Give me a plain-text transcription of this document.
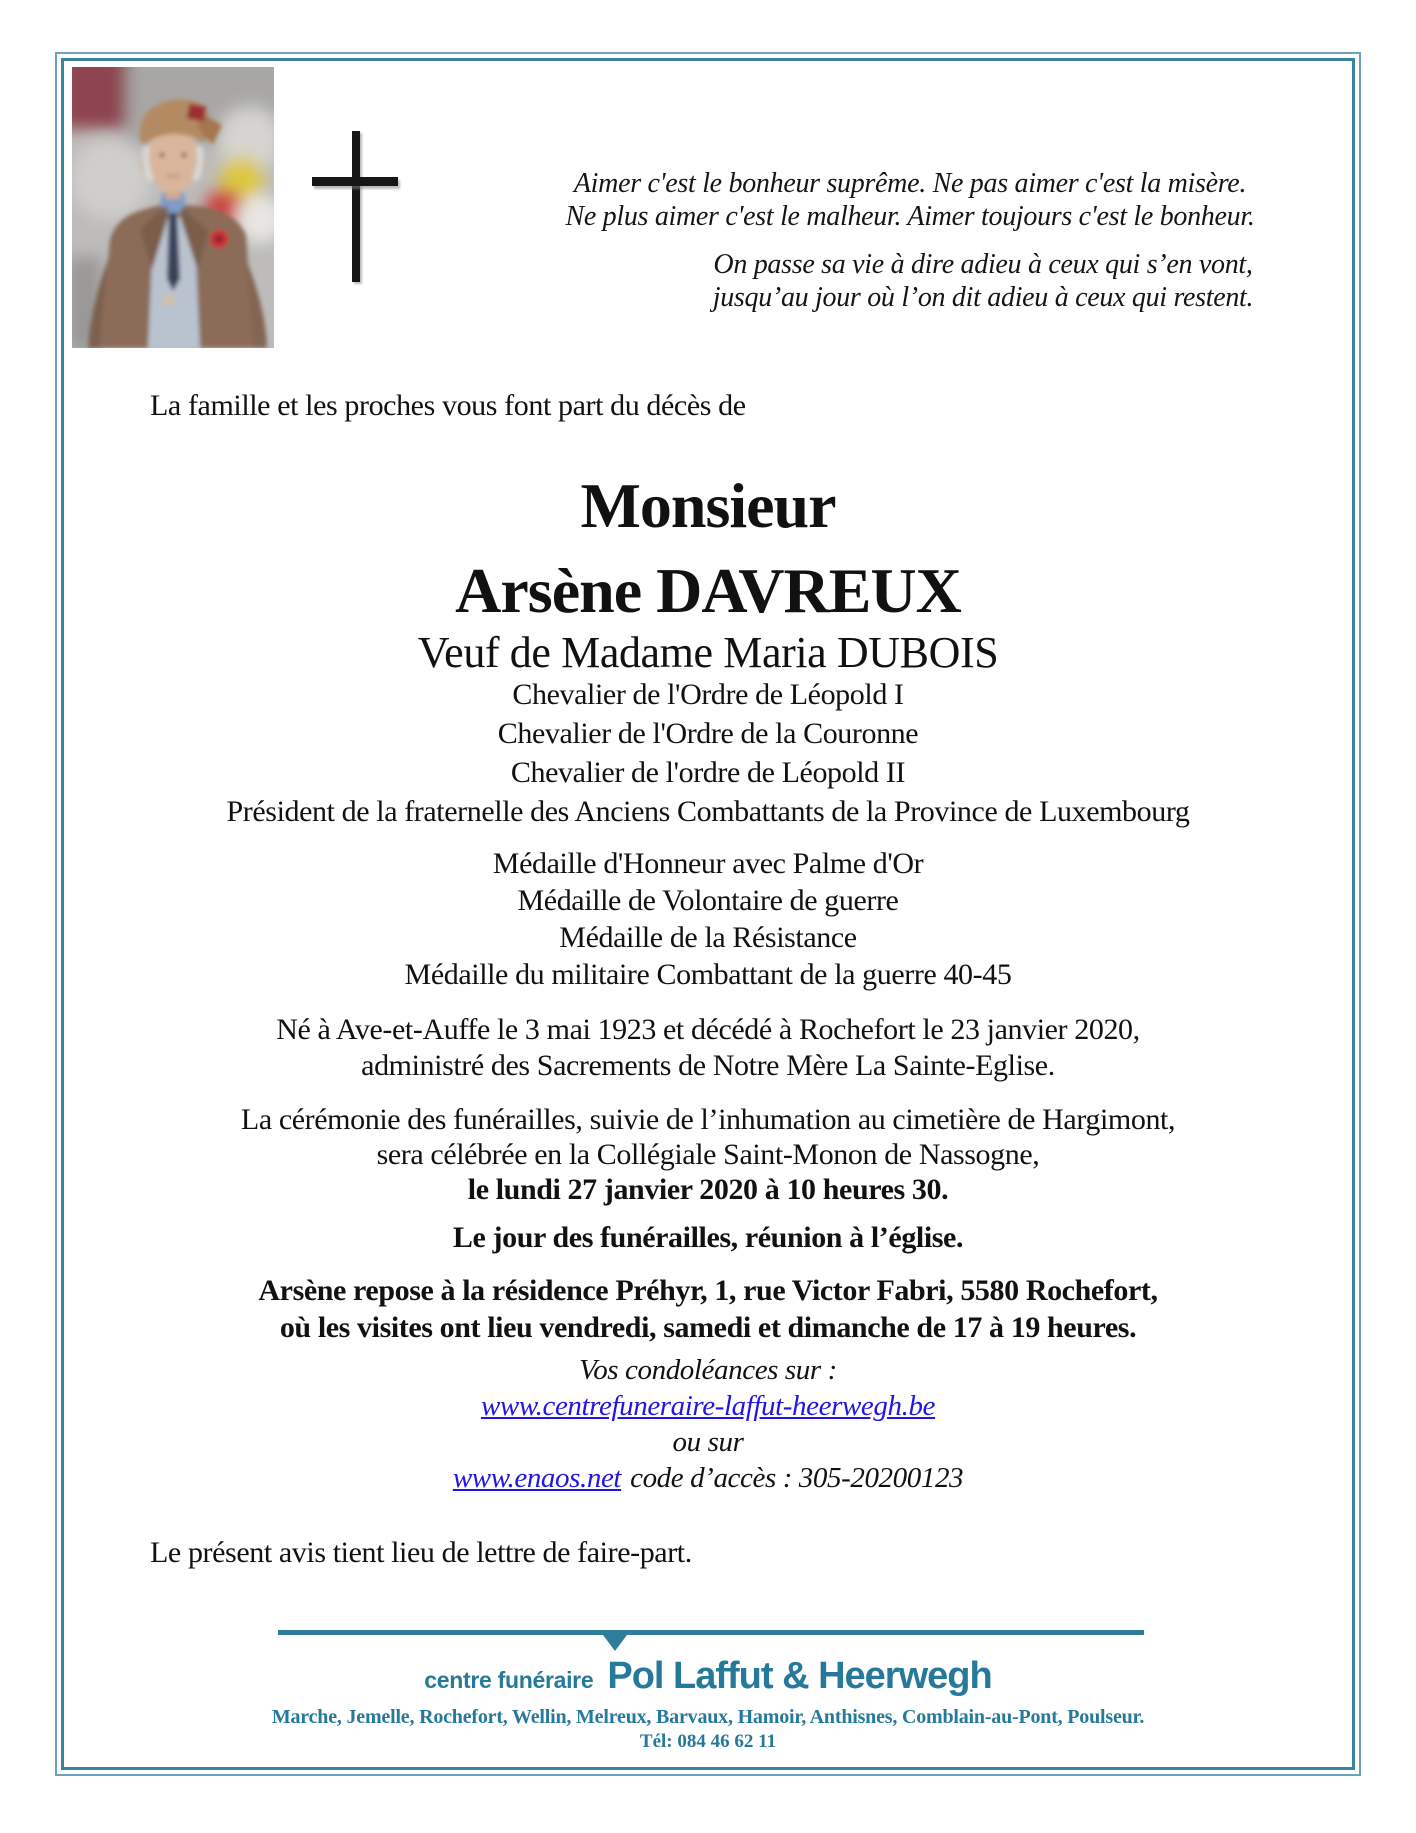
Aimer c'est le bonheur suprême. Ne pas aimer c'est la misère.
Ne plus aimer c'est le malheur. Aimer toujours c'est le bonheur.
On passe sa vie à dire adieu à ceux qui s’en vont,
jusqu’au jour où l’on dit adieu à ceux qui restent.
La famille et les proches vous font part du décès de
Monsieur
Arsène DAVREUX
Veuf de Madame Maria DUBOIS
Chevalier de l'Ordre de Léopold I
Chevalier de l'Ordre de la Couronne
Chevalier de l'ordre de Léopold II
Président de la fraternelle des Anciens Combattants de la Province de Luxembourg
Médaille d'Honneur avec Palme d'Or
Médaille de Volontaire de guerre
Médaille de la Résistance
Médaille du militaire Combattant de la guerre 40-45
Né à Ave-et-Auffe le 3 mai 1923 et décédé à Rochefort le 23 janvier 2020,
administré des Sacrements de Notre Mère La Sainte-Eglise.
La cérémonie des funérailles, suivie de l’inhumation au cimetière de Hargimont,
sera célébrée en la Collégiale Saint-Monon de Nassogne,
le lundi 27 janvier 2020 à 10 heures 30.
Le jour des funérailles, réunion à l’église.
Arsène repose à la résidence Préhyr, 1, rue Victor Fabri, 5580 Rochefort,
où les visites ont lieu vendredi, samedi et dimanche de 17 à 19 heures.
Vos condoléances sur :
www.centrefuneraire-laffut-heerwegh.be
ou sur
www.enaos.net code d’accès : 305-20200123
Le présent avis tient lieu de lettre de faire-part.
centre funéraire Pol Laffut & Heerwegh
Marche, Jemelle, Rochefort, Wellin, Melreux, Barvaux, Hamoir, Anthisnes, Comblain-au-Pont, Poulseur.
Tél: 084 46 62 11
